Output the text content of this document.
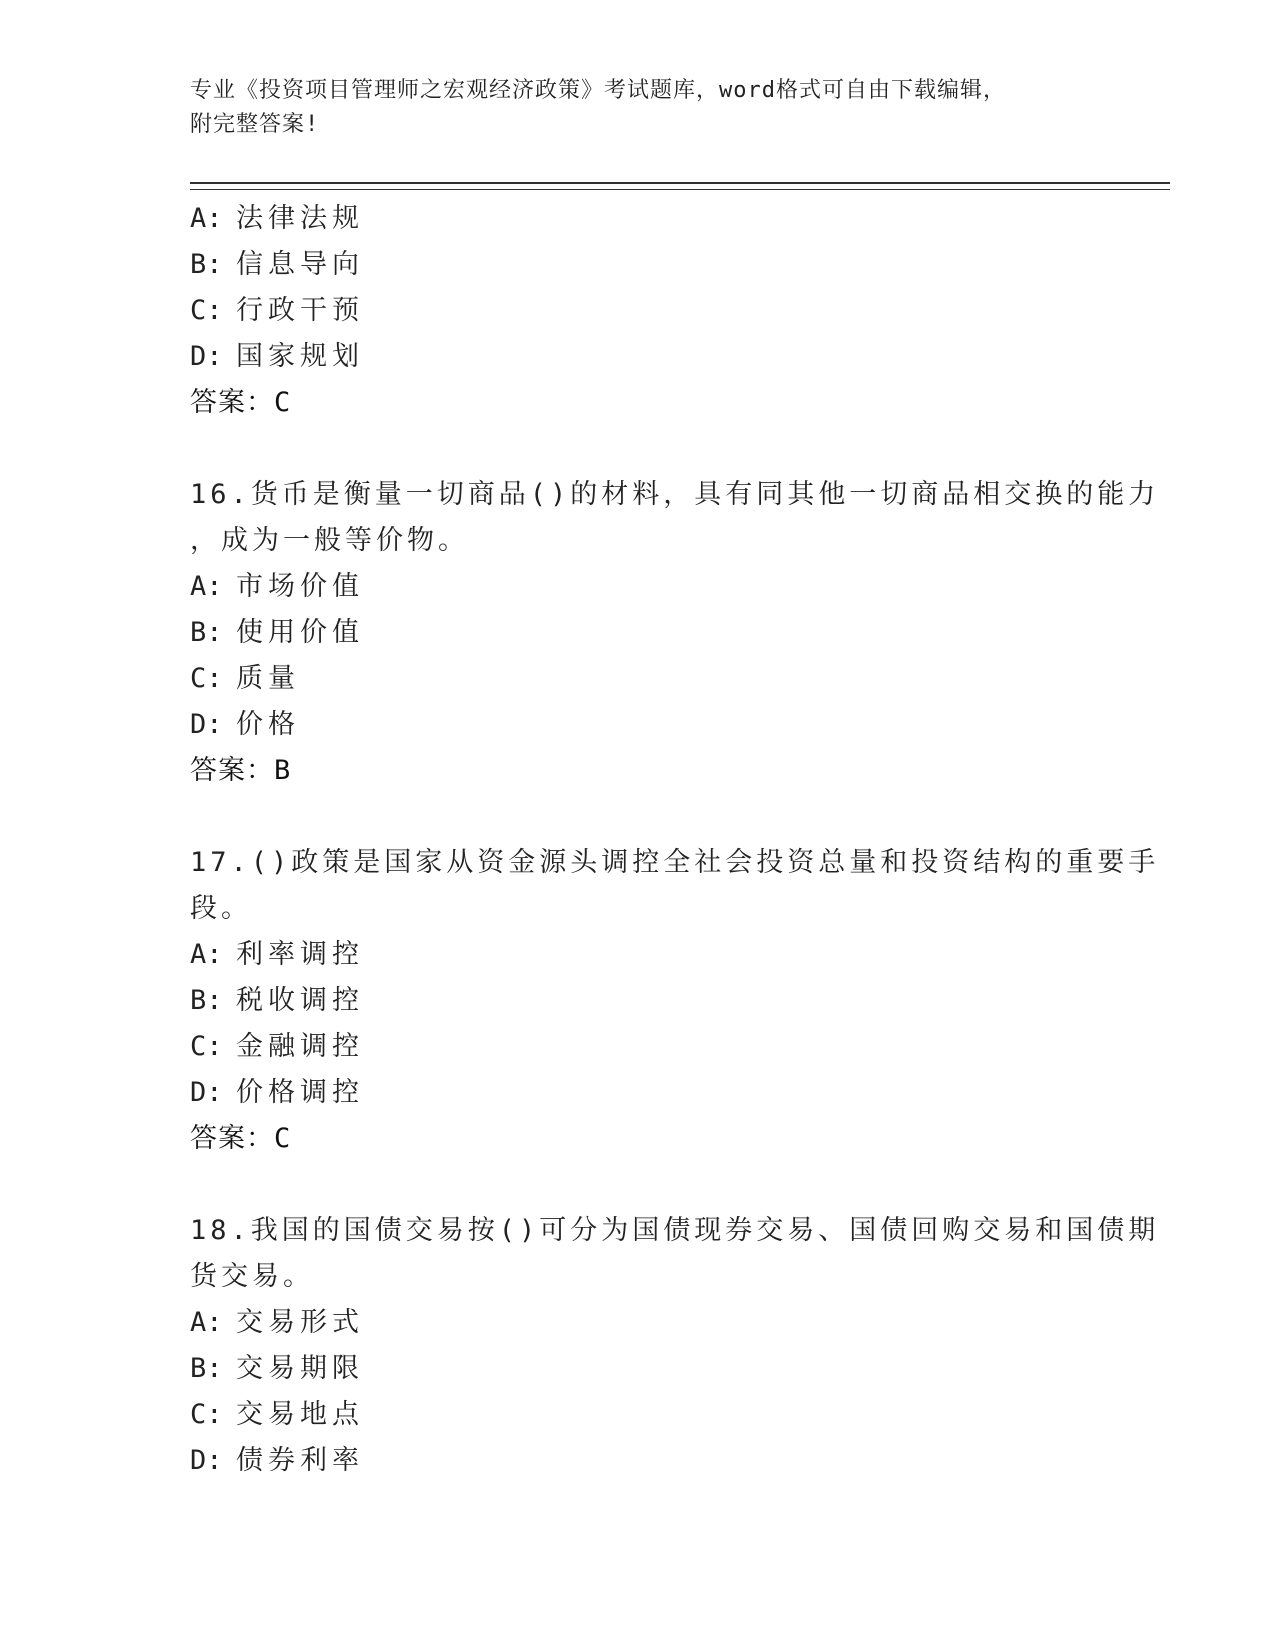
专业《投资项目管理师之宏观经济政策》考试题库，word格式可自由下载编辑，
附完整答案!
A: 法律法规
B: 信息导向
C: 行政干预
D: 国家规划
答案：C
16.货币是衡量一切商品()的材料，具有同其他一切商品相交换的能力
，成为一般等价物。
A: 市场价值
B: 使用价值
C: 质量
D: 价格
答案：B
17.()政策是国家从资金源头调控全社会投资总量和投资结构的重要手
段。
A: 利率调控
B: 税收调控
C: 金融调控
D: 价格调控
答案：C
18.我国的国债交易按()可分为国债现券交易、国债回购交易和国债期
货交易。
A: 交易形式
B: 交易期限
C: 交易地点
D: 债券利率
